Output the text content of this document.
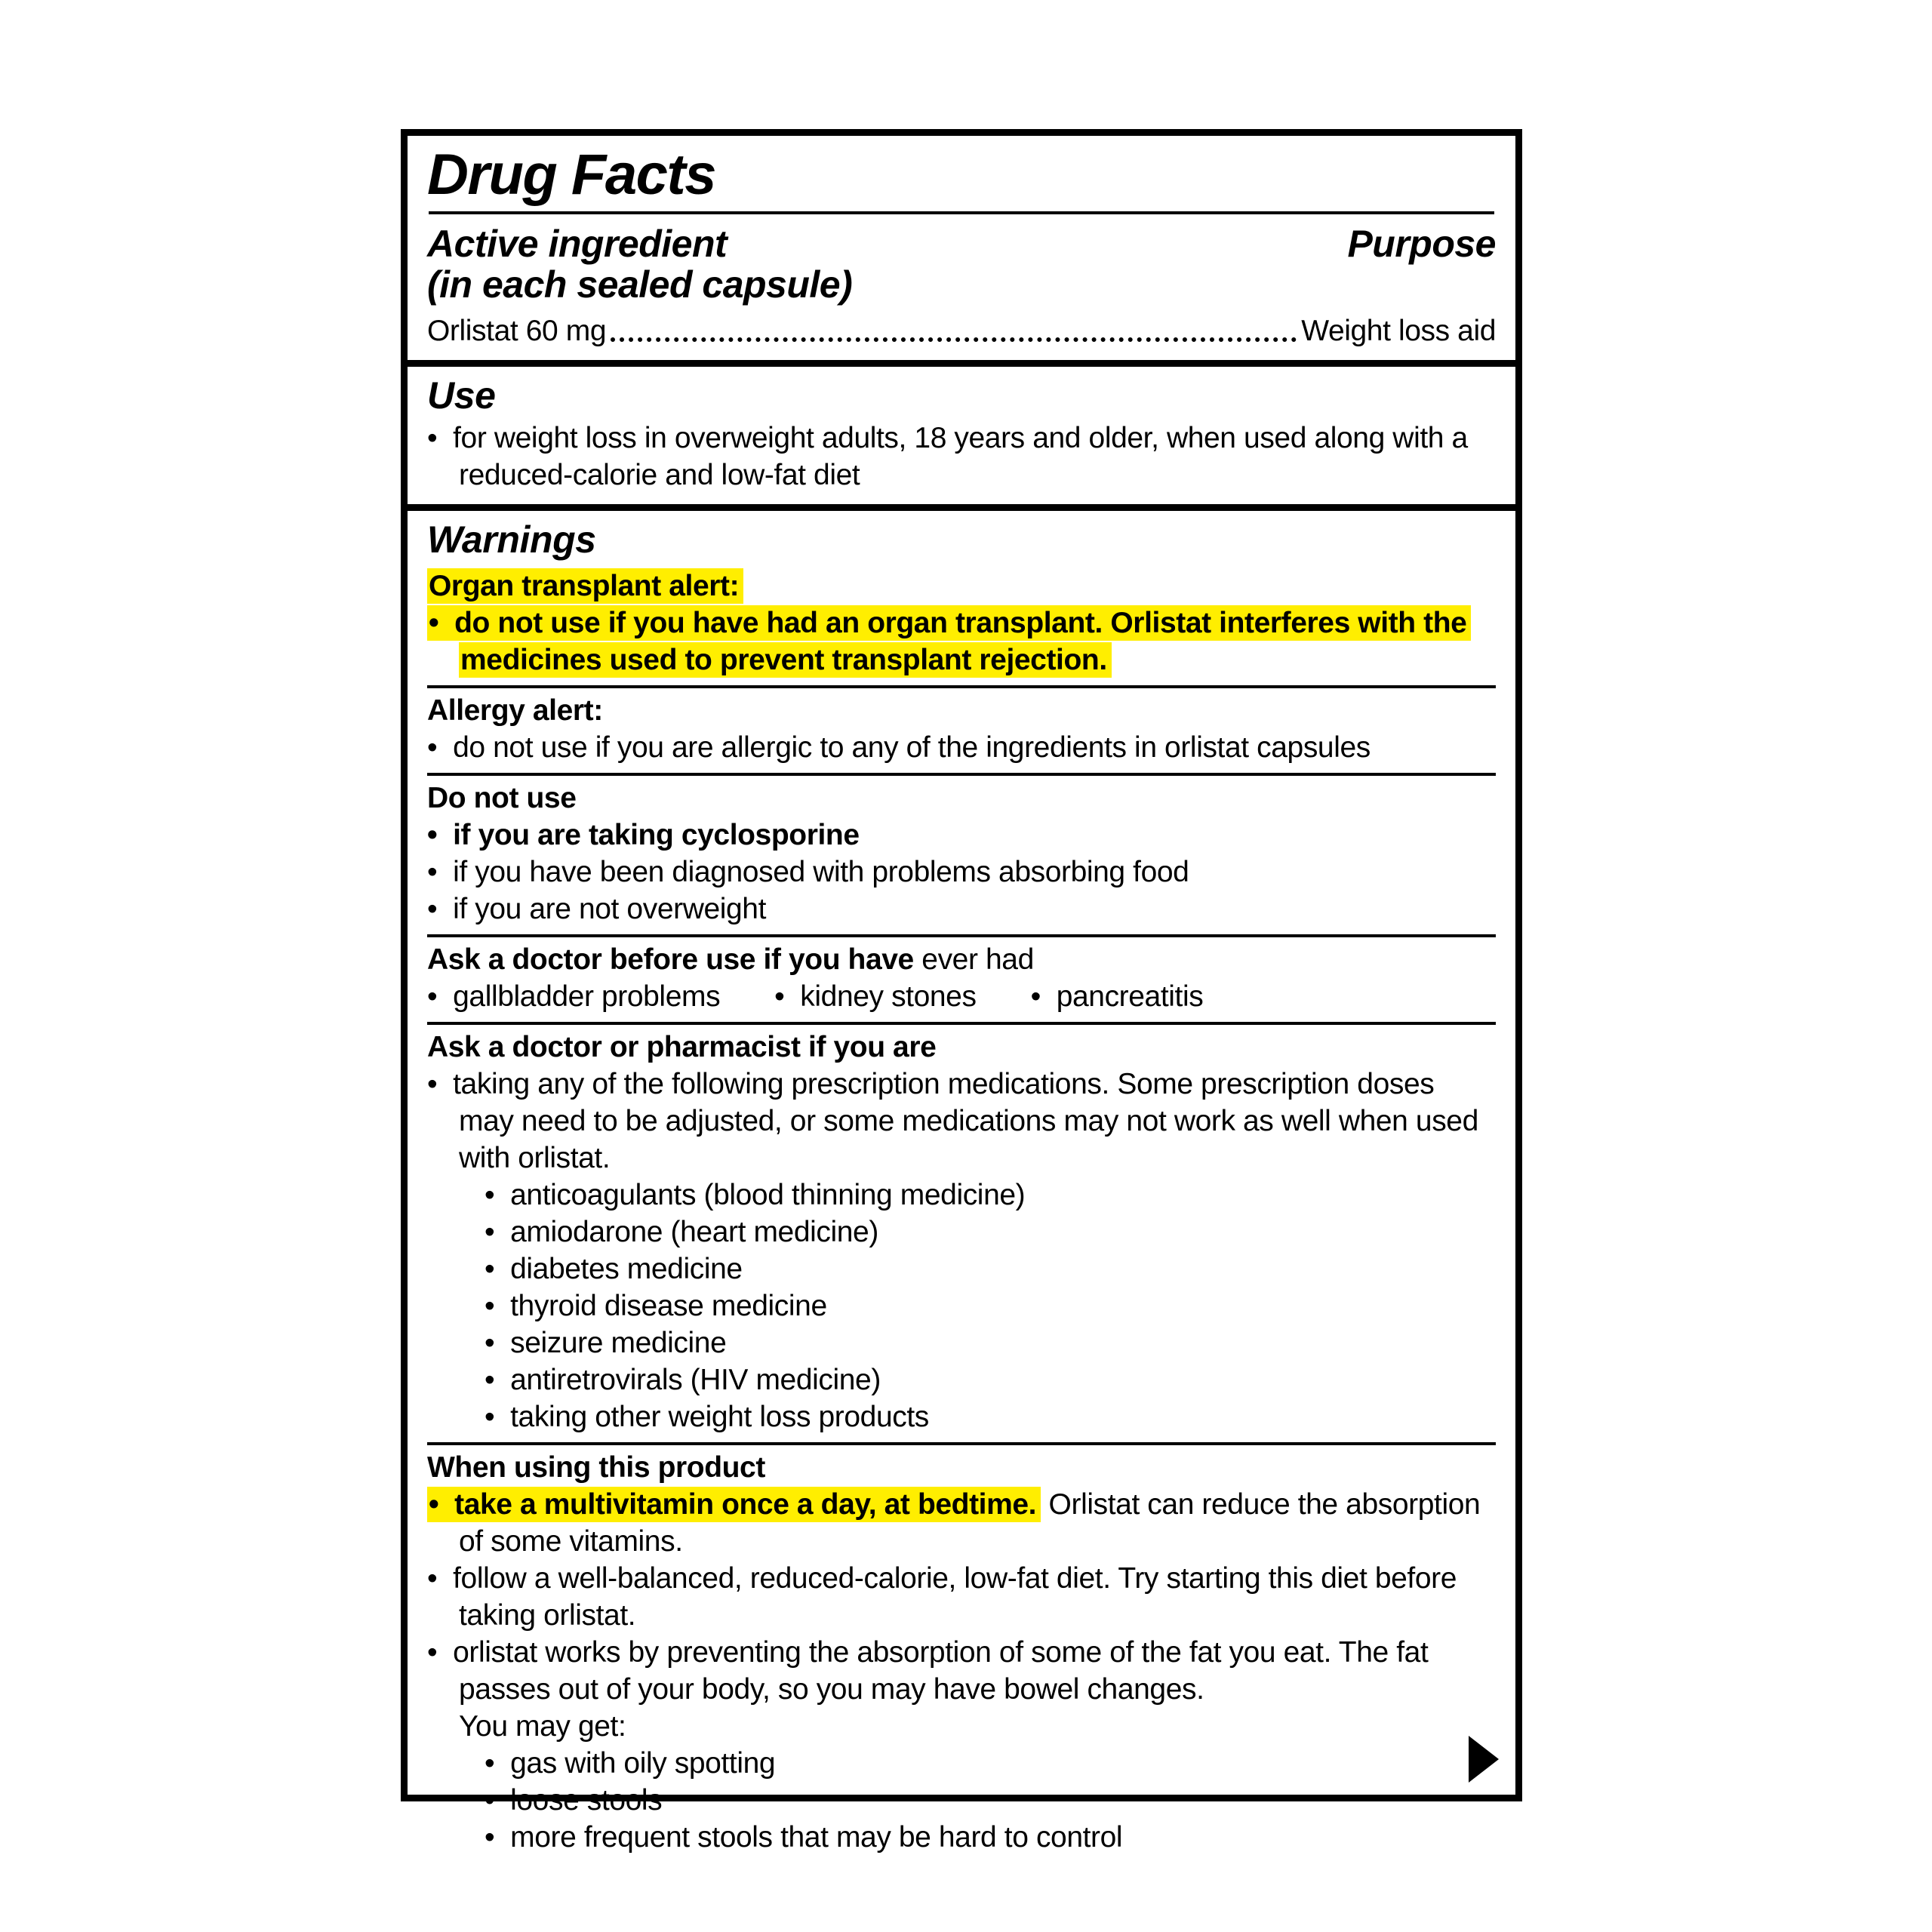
Drug Facts
Active ingredient	Purpose
(in each sealed capsule)
Orlistat 60 mg	Weight loss aid
Use
•  for weight loss in overweight adults, 18 years and older, when used along with a reduced-calorie and low-fat diet
Warnings
Organ transplant alert:
•  do not use if you have had an organ transplant. Orlistat interferes with the medicines used to prevent transplant rejection.
Allergy alert:
•  do not use if you are allergic to any of the ingredients in orlistat capsules
Do not use
•  if you are taking cyclosporine
•  if you have been diagnosed with problems absorbing food
•  if you are not overweight
Ask a doctor before use if you have ever had
•  gallbladder problems	•  kidney stones	•  pancreatitis
Ask a doctor or pharmacist if you are
•  taking any of the following prescription medications. Some prescription doses may need to be adjusted, or some medications may not work as well when used with orlistat.
•  anticoagulants (blood thinning medicine)
•  amiodarone (heart medicine)
•  diabetes medicine
•  thyroid disease medicine
•  seizure medicine
•  antiretrovirals (HIV medicine)
•  taking other weight loss products
When using this product
•  take a multivitamin once a day, at bedtime. Orlistat can reduce the absorption of some vitamins.
•  follow a well-balanced, reduced-calorie, low-fat diet. Try starting this diet before taking orlistat.
•  orlistat works by preventing the absorption of some of the fat you eat. The fat passes out of your body, so you may have bowel changes.
You may get:
•  gas with oily spotting
•  loose stools
•  more frequent stools that may be hard to control
